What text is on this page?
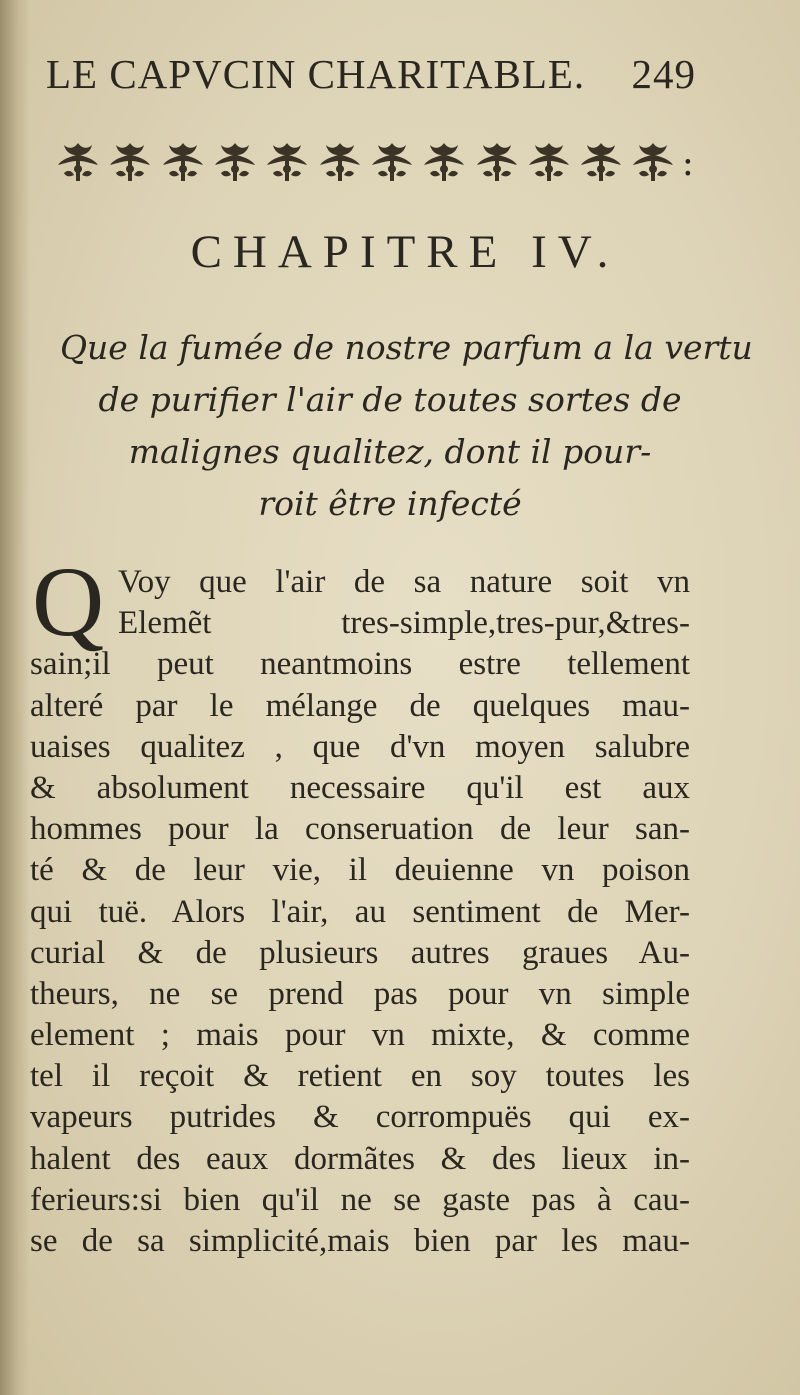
LE CAPVCIN CHARITABLE. 249
:
CHAPITRE IV.
Que la fumée de nostre parfum a la vertu
de purifier l'air de toutes sortes de
malignes qualitez, dont il pour-
roit être infecté
Q Voy que l'air de sa nature soit vn
Elemẽt tres-simple,tres-pur,&tres-
sain;il peut neantmoins estre tellement
alteré par le mélange de quelques mau-
uaises qualitez , que d'vn moyen salubre
& absolument necessaire qu'il est aux
hommes pour la conseruation de leur san-
té & de leur vie, il deuienne vn poison
qui tuë. Alors l'air, au sentiment de Mer-
curial & de plusieurs autres graues Au-
theurs, ne se prend pas pour vn simple
element ; mais pour vn mixte, & comme
tel il reçoit & retient en soy toutes les
vapeurs putrides & corrompuës qui ex-
halent des eaux dormãtes & des lieux in-
ferieurs:si bien qu'il ne se gaste pas à cau-
se de sa simplicité,mais bien par les mau-
